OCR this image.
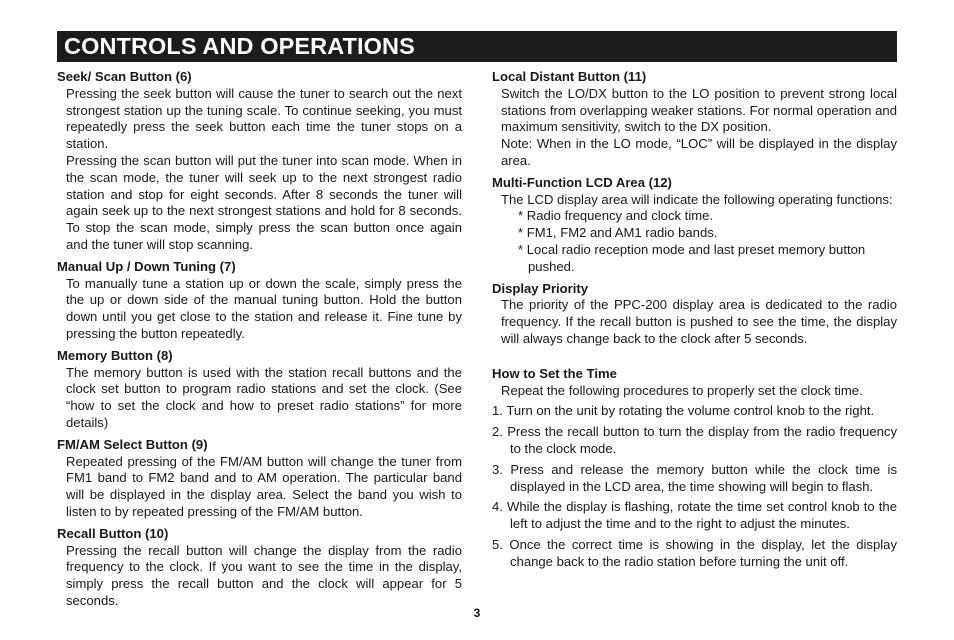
CONTROLS AND OPERATIONS
Seek/ Scan Button (6)

Pressing the seek button will cause the tuner to search out the next strongest station up the tuning scale. To continue seeking, you must repeatedly press the seek button each time the tuner stops on a station.

Pressing the scan button will put the tuner into scan mode. When in the scan mode, the tuner will seek up to the next strongest radio station and stop for eight seconds. After 8 seconds the tuner will again seek up to the next strongest stations and hold for 8 seconds. To stop the scan mode, simply press the scan button once again and the tuner will stop scanning.

Manual Up / Down Tuning (7)

To manually tune a station up or down the scale, simply press the the up or down side of the manual tuning button. Hold the button down until you get close to the station and release it. Fine tune by pressing the button repeatedly.

Memory Button (8)

The memory button is used with the station recall buttons and the clock set button to program radio stations and set the clock. (See “how to set the clock and how to preset radio stations” for more details)

FM/AM Select Button (9)

Repeated pressing of the FM/AM button will change the tuner from FM1 band to FM2 band and to AM operation. The particular band will be displayed in the display area. Select the band you wish to listen to by repeated pressing of the FM/AM button.

Recall Button (10)

Pressing the recall button will change the display from the radio frequency to the clock. If you want to see the time in the display, simply press the recall button and the clock will appear for 5 seconds.

Local Distant Button (11)

Switch the LO/DX button to the LO position to prevent strong local stations from overlapping weaker stations. For normal operation and maximum sensitivity, switch to the DX position.

Note: When in the LO mode, “LOC” will be displayed in the display area.

Multi-Function LCD Area (12)

The LCD display area will indicate the following operating functions:

* Radio frequency and clock time.
* FM1, FM2 and AM1 radio bands.
* Local radio reception mode and last preset memory button pushed.
Display Priority

The priority of the PPC-200 display area is dedicated to the radio frequency. If the recall button is pushed to see the time, the display will always change back to the clock after 5 seconds.

How to Set the Time

Repeat the following procedures to properly set the clock time.

1. Turn on the unit by rotating the volume control knob to the right.
2. Press the recall button to turn the display from the radio frequency to the clock mode.
3. Press and release the memory button while the clock time is displayed in the LCD area, the time showing will begin to flash.
4. While the display is flashing, rotate the time set control knob to the left to adjust the time and to the right to adjust the minutes.
5. Once the correct time is showing in the display, let the display change back to the radio station before turning the unit off.
3
